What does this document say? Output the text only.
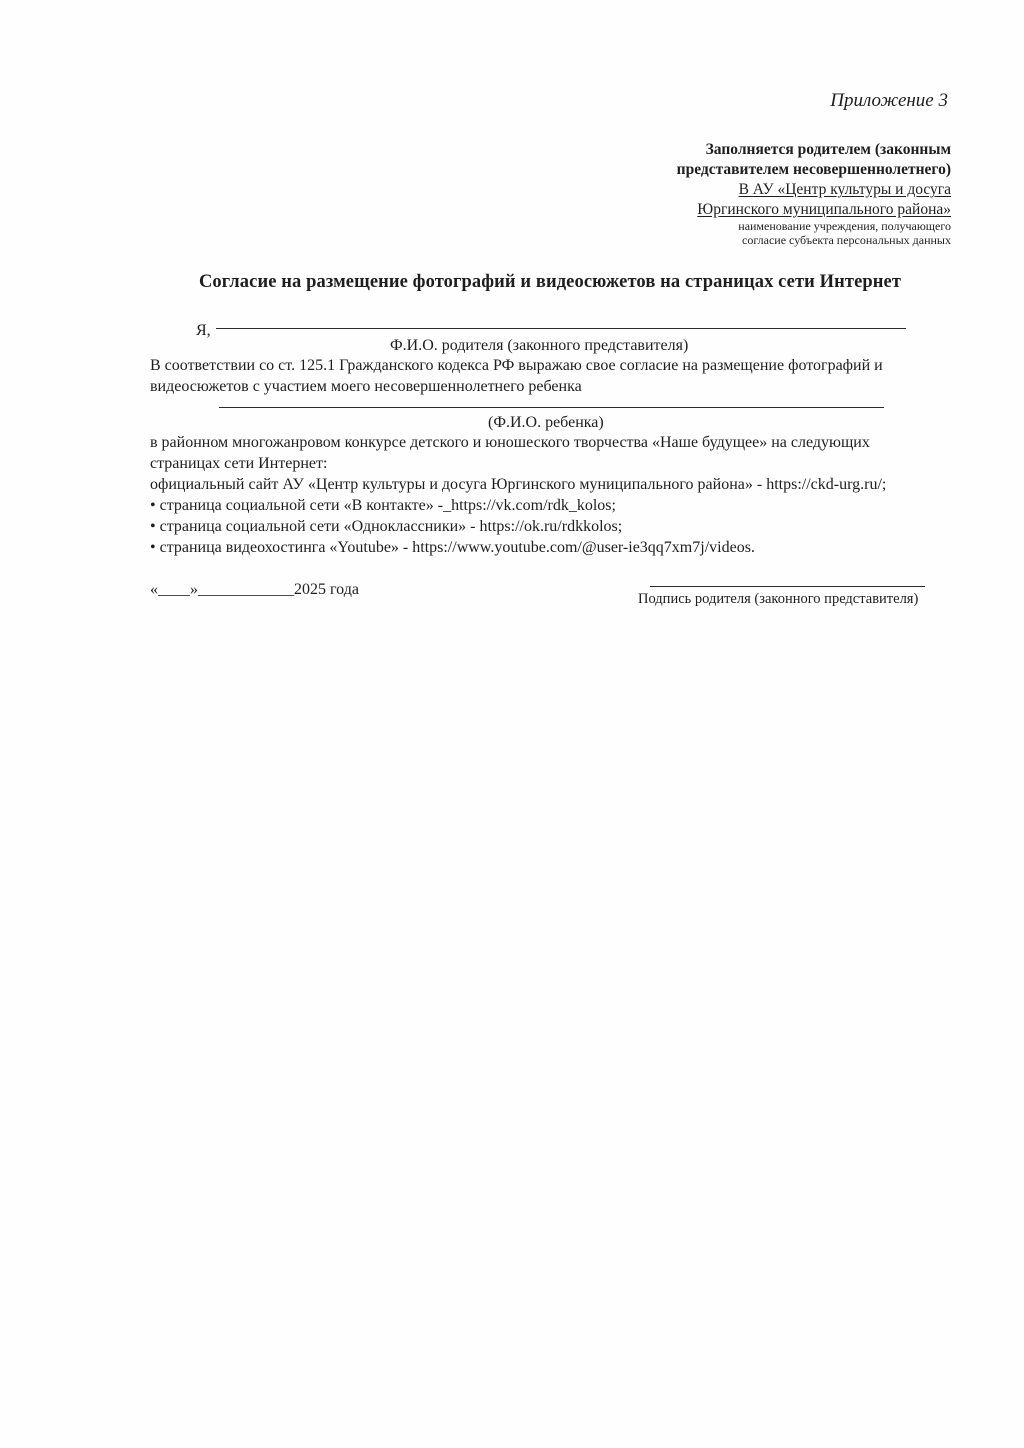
Приложение 3
Заполняется родителем (законным
представителем несовершеннолетнего)
В АУ «Центр культуры и досуга
Юргинского муниципального района»
наименование учреждения, получающего
согласие субъекта персональных данных
Согласие на размещение фотографий и видеосюжетов на страницах сети Интернет
Я,
Ф.И.О. родителя (законного представителя)
В соответствии со ст. 125.1 Гражданского кодекса РФ выражаю свое согласие на размещение фотографий и
видеосюжетов с участием моего несовершеннолетнего ребенка
(Ф.И.О. ребенка)
в районном многожанровом конкурсе детского и юношеского творчества «Наше будущее» на следующих
страницах сети Интернет:
официальный сайт АУ «Центр культуры и досуга Юргинского муниципального района» - https://ckd-urg.ru/;
• страница социальной сети «В контакте» -_https://vk.com/rdk_kolos;
• страница социальной сети «Одноклассники» - https://ok.ru/rdkkolos;
• страница видеохостинга «Youtube» - https://www.youtube.com/@user-ie3qq7xm7j/videos.
«____»____________2025 года
Подпись родителя (законного представителя)
